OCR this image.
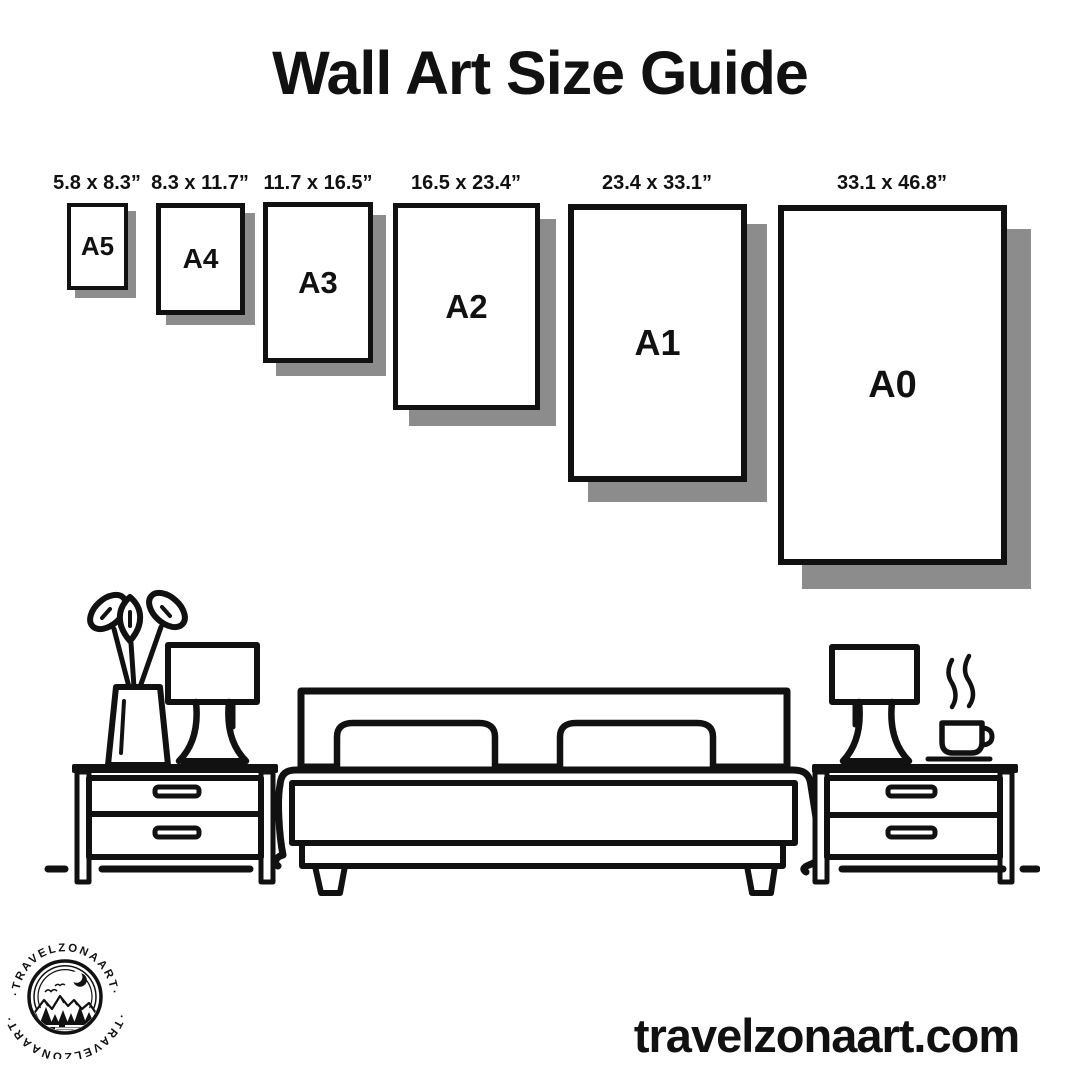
Wall Art Size Guide
5.8 x 8.3” 8.3 x 11.7” 11.7 x 16.5” 16.5 x 23.4”	23.4 x 33.1”	33.1 x 46.8”
A5 A4
A3
A2
A1
A0
·TRAVELZONAART·
·TRAVELZONAART·	travelzonaart.com
